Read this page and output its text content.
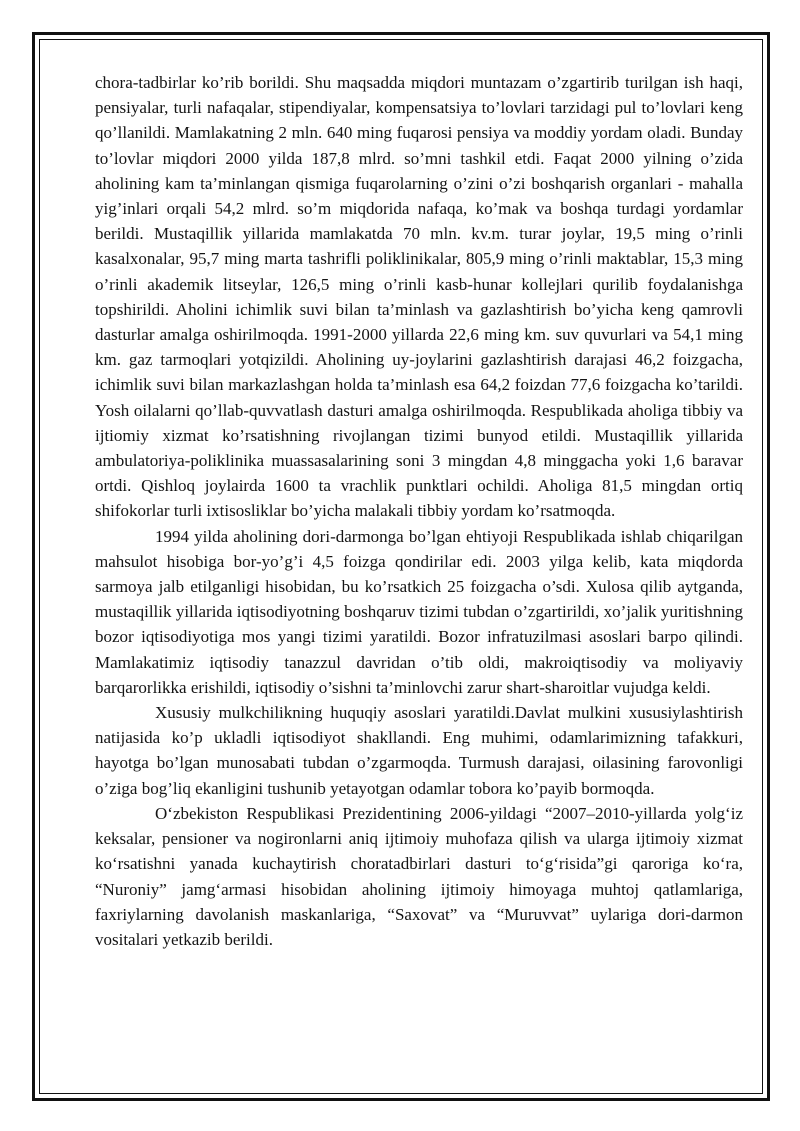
chora-tadbirlar ko’rib borildi. Shu maqsadda miqdori muntazam o’zgartirib turilgan ish haqi, pensiyalar, turli nafaqalar, stipendiyalar, kompensatsiya to’lovlari tarzidagi pul to’lovlari keng qo’llanildi. Mamlakatning 2 mln. 640 ming fuqarosi pensiya va moddiy yordam oladi. Bunday to’lovlar miqdori 2000 yilda 187,8 mlrd. so’mni tashkil etdi. Faqat 2000 yilning o’zida aholining kam ta’minlangan qismiga fuqarolarning o’zini o’zi boshqarish organlari - mahalla yig’inlari orqali 54,2 mlrd. so’m miqdorida nafaqa, ko’mak va boshqa turdagi yordamlar berildi. Mustaqillik yillarida mamlakatda 70 mln. kv.m. turar joylar, 19,5 ming o’rinli kasalxonalar, 95,7 ming marta tashrifli poliklinikalar, 805,9 ming o’rinli maktablar, 15,3 ming o’rinli akademik litseylar, 126,5 ming o’rinli kasb-hunar kollejlari qurilib foydalanishga topshirildi. Aholini ichimlik suvi bilan ta’minlash va gazlashtirish bo’yicha keng qamrovli dasturlar amalga oshirilmoqda. 1991-2000 yillarda 22,6 ming km. suv quvurlari va 54,1 ming km. gaz tarmoqlari yotqizildi. Aholining uy-joylarini gazlashtirish darajasi 46,2 foizgacha, ichimlik suvi bilan markazlashgan holda ta’minlash esa 64,2 foizdan 77,6 foizgacha ko’tarildi. Yosh oilalarni qo’llab-quvvatlash dasturi amalga oshirilmoqda. Respublikada aholiga tibbiy va ijtiomiy xizmat ko’rsatishning rivojlangan tizimi bunyod etildi. Mustaqillik yillarida ambulatoriya-poliklinika muassasalarining soni 3 mingdan 4,8 minggacha yoki 1,6 baravar ortdi. Qishloq joylairda 1600 ta vrachlik punktlari ochildi. Aholiga 81,5 mingdan ortiq shifokorlar turli ixtisosliklar bo’yicha malakali tibbiy yordam ko’rsatmoqda.

1994 yilda aholining dori-darmonga bo’lgan ehtiyoji Respublikada ishlab chiqarilgan mahsulot hisobiga bor-yo’g’i 4,5 foizga qondirilar edi. 2003 yilga kelib, kata miqdorda sarmoya jalb etilganligi hisobidan, bu ko’rsatkich 25 foizgacha o’sdi. Xulosa qilib aytganda, mustaqillik yillarida iqtisodiyotning boshqaruv tizimi tubdan o’zgartirildi, xo’jalik yuritishning bozor iqtisodiyotiga mos yangi tizimi yaratildi. Bozor infratuzilmasi asoslari barpo qilindi. Mamlakatimiz iqtisodiy tanazzul davridan o’tib oldi, makroiqtisodiy va moliyaviy barqarorlikka erishildi, iqtisodiy o’sishni ta’minlovchi zarur shart-sharoitlar vujudga keldi.

Xususiy mulkchilikning huquqiy asoslari yaratildi.Davlat mulkini xususiylashtirish natijasida ko’p ukladli iqtisodiyot shakllandi. Eng muhimi, odamlarimizning tafakkuri, hayotga bo’lgan munosabati tubdan o’zgarmoqda. Turmush darajasi, oilasining farovonligi o’ziga bog’liq ekanligini tushunib yetayotgan odamlar tobora ko’payib bormoqda.

O‘zbekiston Respublikasi Prezidentining 2006-yildagi “2007–2010-yillarda yolg‘iz keksalar, pensioner va nogironlarni aniq ijtimoiy muhofaza qilish va ularga ijtimoiy xizmat ko‘rsatishni yanada kuchaytirish choratadbirlari dasturi to‘g‘risida”gi qaroriga ko‘ra, “Nuroniy” jamg‘armasi hisobidan aholining ijtimoiy himoyaga muhtoj qatlamlariga, faxriylarning davolanish maskanlariga, “Saxovat” va “Muruvvat” uylariga dori-darmon vositalari yetkazib berildi.
